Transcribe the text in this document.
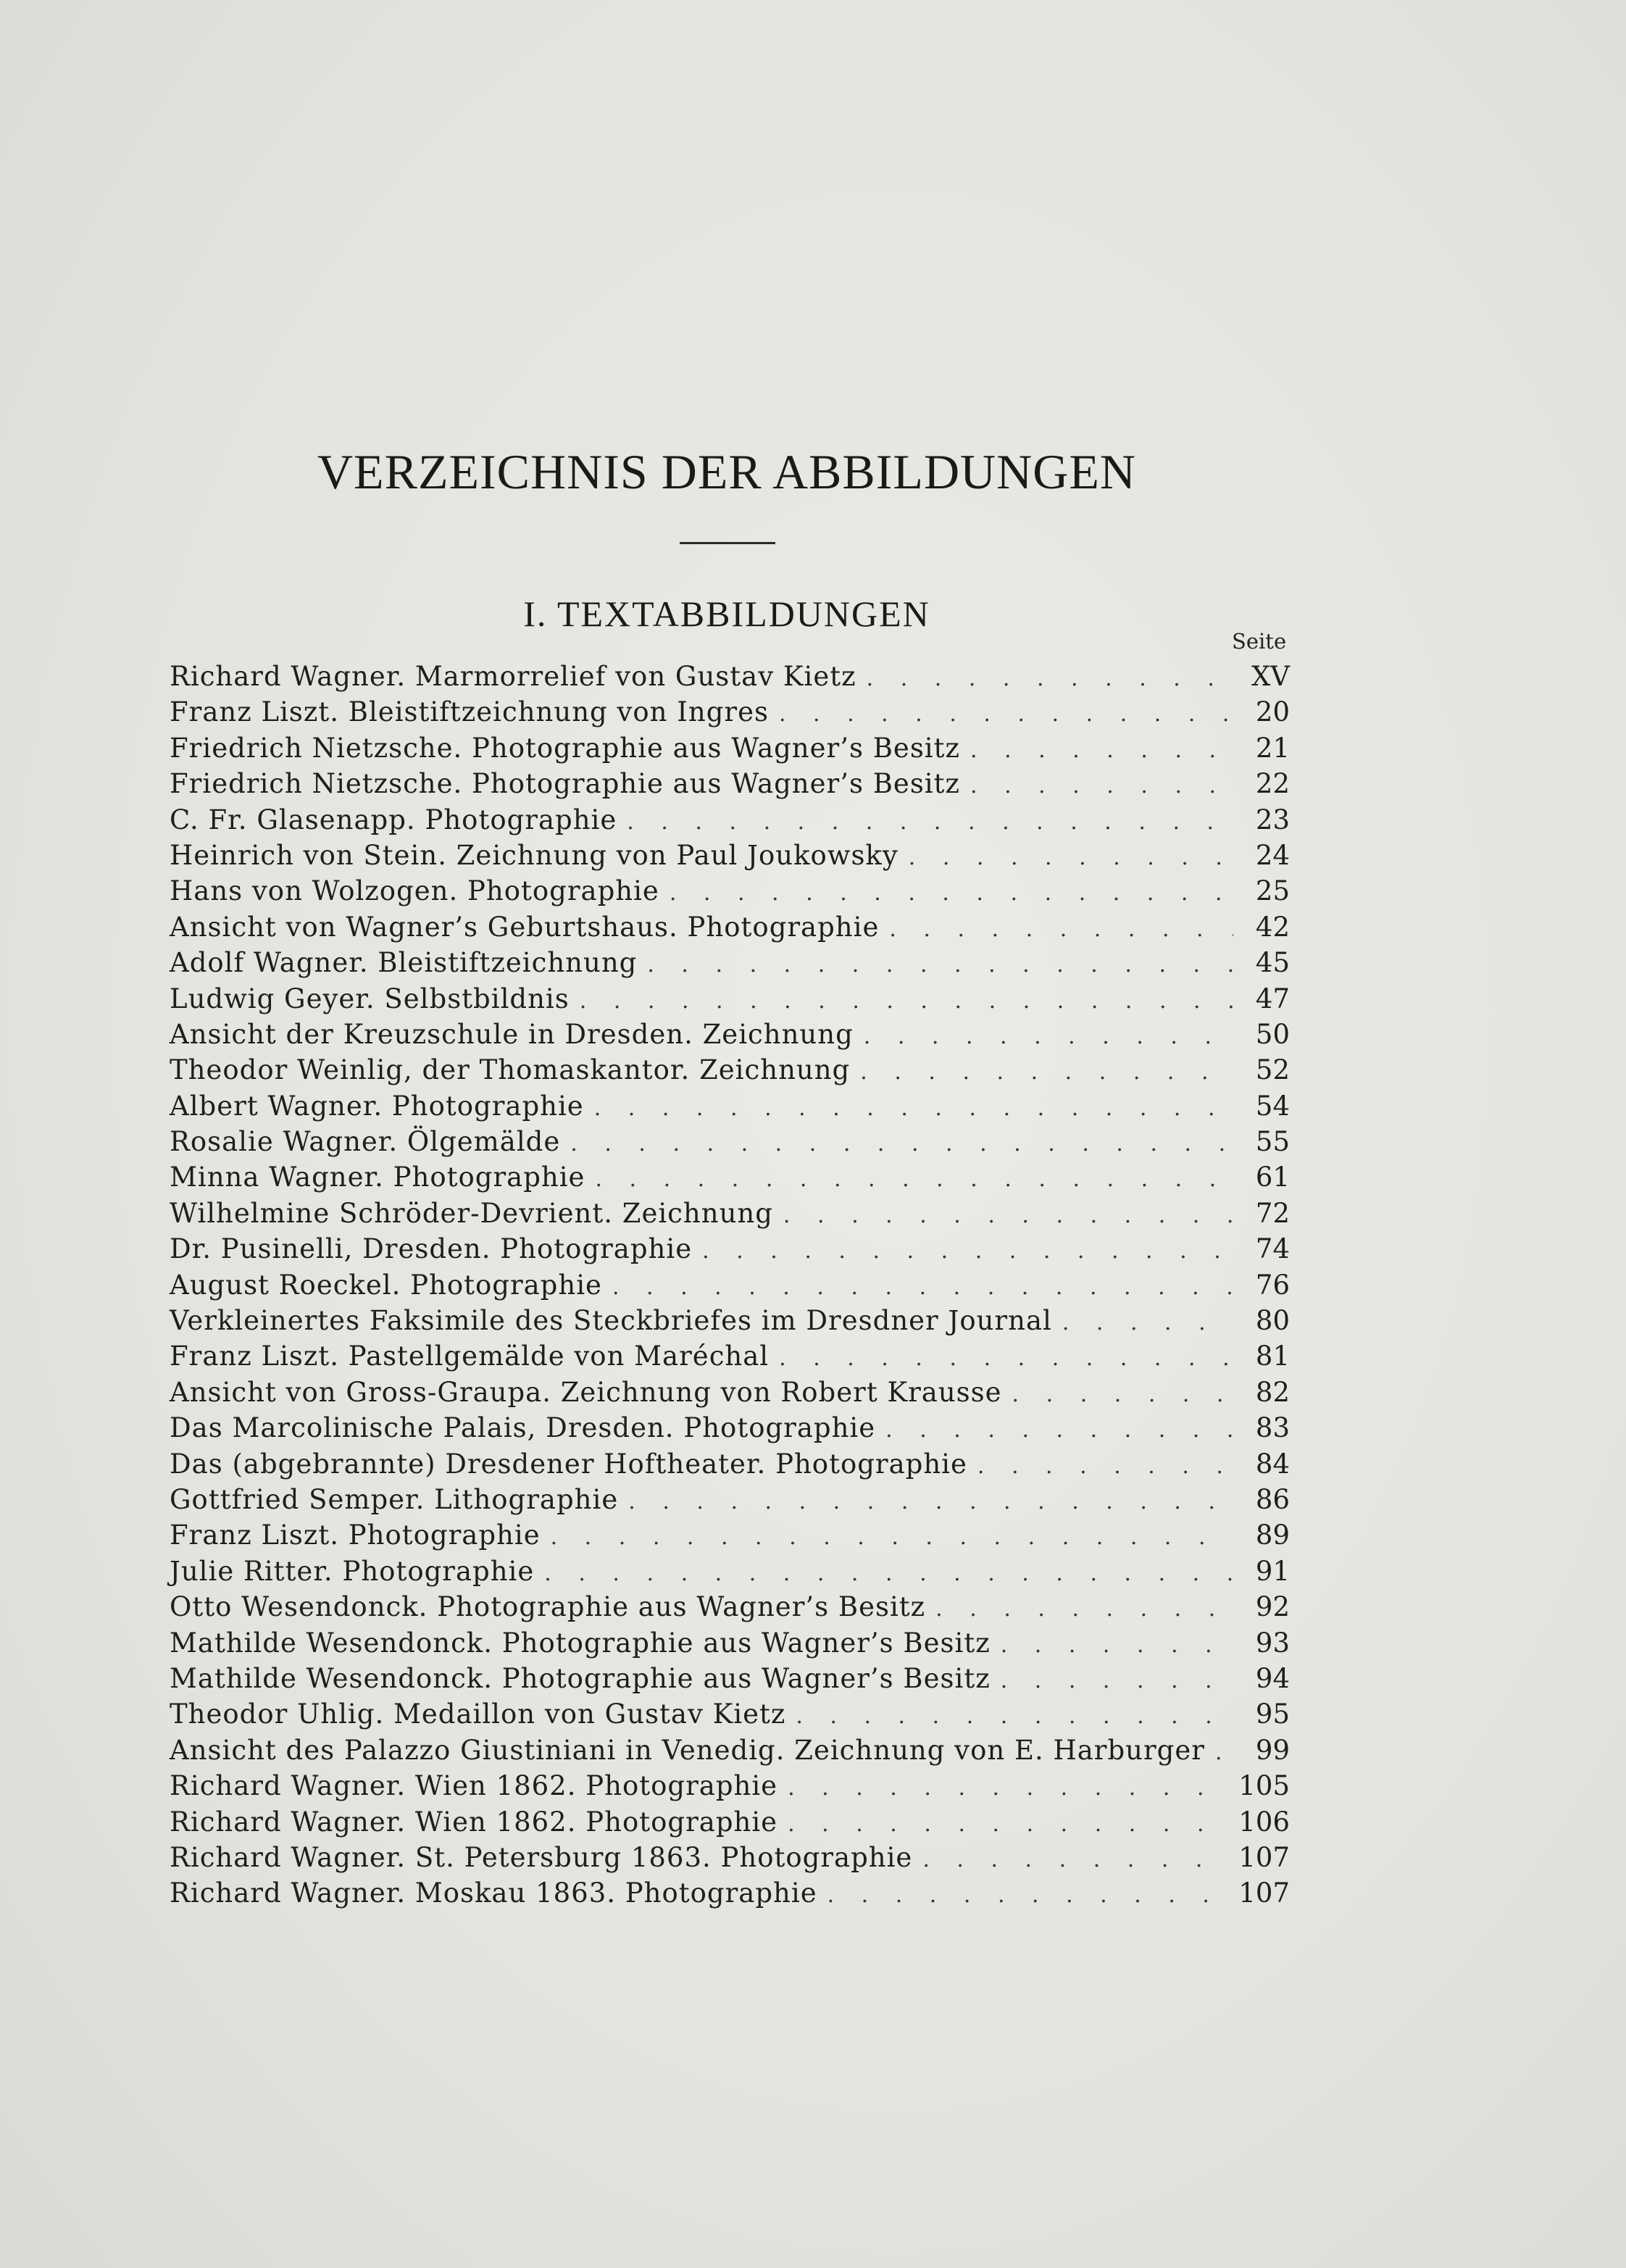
VERZEICHNIS DER ABBILDUNGEN
I. TEXTABBILDUNGEN
Seite
Richard Wagner. Marmorrelief von Gustav Kietz . . .	XV
Franz Liszt. Bleistiftzeichnung von Ingres . . .	20
Friedrich Nietzsche. Photographie aus Wagner’s Besitz . . .	21
Friedrich Nietzsche. Photographie aus Wagner’s Besitz . . .	22
C. Fr. Glasenapp. Photographie . . .	23
Heinrich von Stein. Zeichnung von Paul Joukowsky . . .	24
Hans von Wolzogen. Photographie . . .	25
Ansicht von Wagner’s Geburtshaus. Photographie . . .	42
Adolf Wagner. Bleistiftzeichnung . . .	45
Ludwig Geyer. Selbstbildnis . . .	47
Ansicht der Kreuzschule in Dresden. Zeichnung . . .	50
Theodor Weinlig, der Thomaskantor. Zeichnung . . .	52
Albert Wagner. Photographie . . .	54
Rosalie Wagner. Ölgemälde . . .	55
Minna Wagner. Photographie . . .	61
Wilhelmine Schröder-Devrient. Zeichnung . . .	72
Dr. Pusinelli, Dresden. Photographie . . .	74
August Roeckel. Photographie . . .	76
Verkleinertes Faksimile des Steckbriefes im Dresdner Journal . . .	80
Franz Liszt. Pastellgemälde von Maréchal . . .	81
Ansicht von Gross-Graupa. Zeichnung von Robert Krausse . . .	82
Das Marcolinische Palais, Dresden. Photographie . . .	83
Das (abgebrannte) Dresdener Hoftheater. Photographie . . .	84
Gottfried Semper. Lithographie . . .	86
Franz Liszt. Photographie . . .	89
Julie Ritter. Photographie . . .	91
Otto Wesendonck. Photographie aus Wagner’s Besitz . . .	92
Mathilde Wesendonck. Photographie aus Wagner’s Besitz . . .	93
Mathilde Wesendonck. Photographie aus Wagner’s Besitz . . .	94
Theodor Uhlig. Medaillon von Gustav Kietz . . .	95
Ansicht des Palazzo Giustiniani in Venedig. Zeichnung von E. Harburger . . .	99
Richard Wagner. Wien 1862. Photographie . . .	105
Richard Wagner. Wien 1862. Photographie . . .	106
Richard Wagner. St. Petersburg 1863. Photographie . . .	107
Richard Wagner. Moskau 1863. Photographie . . .	107
